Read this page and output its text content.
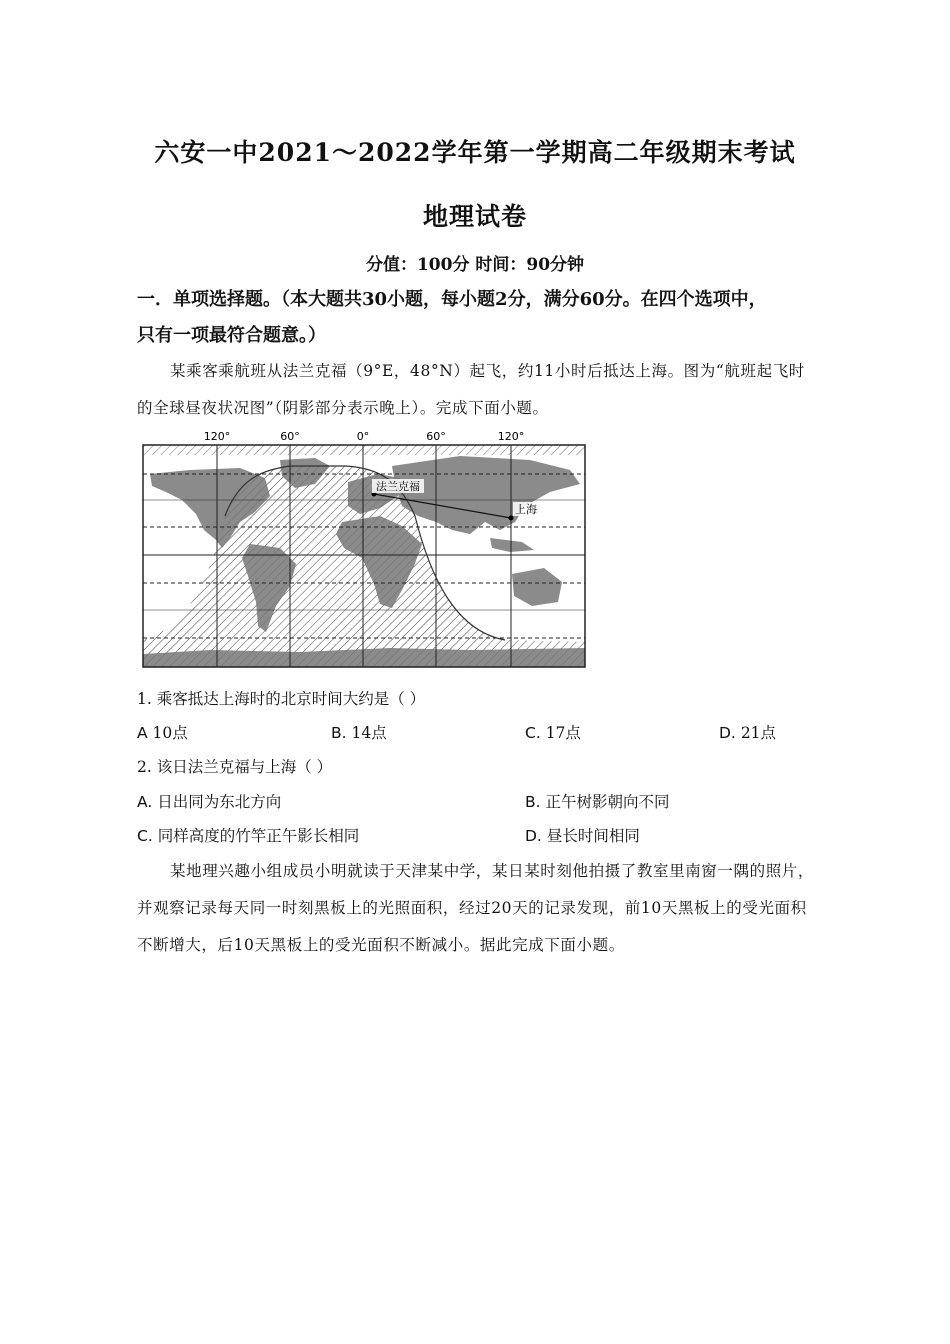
六安一中2021～2022学年第一学期高二年级期末考试
地理试卷
分值：100分 时间：90分钟
一．单项选择题。（本大题共30小题，每小题2分，满分60分。在四个选项中，
只有一项最符合题意。）
某乘客乘航班从法兰克福（9°E，48°N）起飞，约11小时后抵达上海。图为“航班起飞时
的全球昼夜状况图”（阴影部分表示晚上）。完成下面小题。
120°	60°	0°	60°	120°
法兰克福
上海
1. 乘客抵达上海时的北京时间大约是（ ）
A 10点	B. 14点	C. 17点	D. 21点
2. 该日法兰克福与上海（ ）
A. 日出同为东北方向	B. 正午树影朝向不同
C. 同样高度的竹竿正午影长相同	D. 昼长时间相同
某地理兴趣小组成员小明就读于天津某中学，某日某时刻他拍摄了教室里南窗一隅的照片，
并观察记录每天同一时刻黑板上的光照面积，经过20天的记录发现，前10天黑板上的受光面积
不断增大，后10天黑板上的受光面积不断减小。据此完成下面小题。
